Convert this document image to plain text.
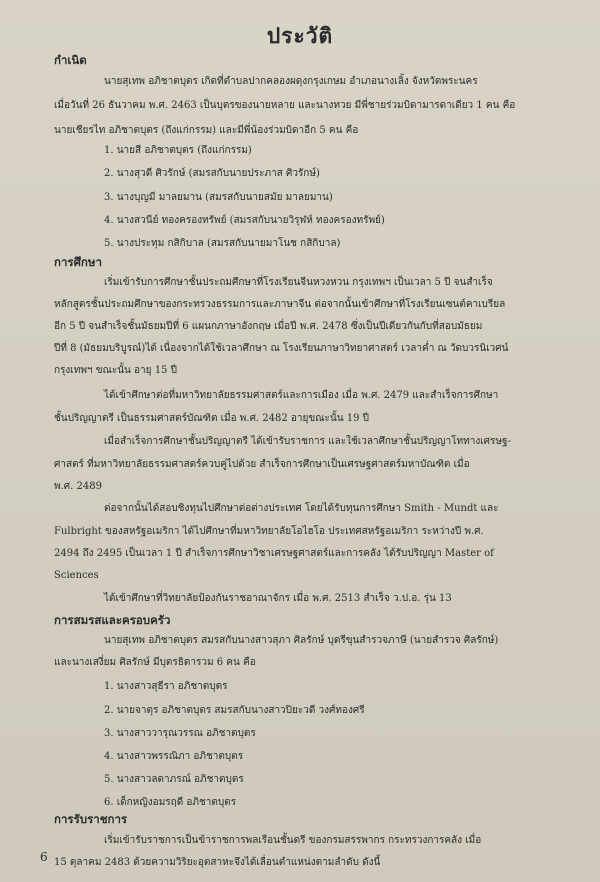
ประวัติ
กำเนิด
นายสุเทพ อภิชาตบุตร เกิดที่ตำบลปากคลองผดุงกรุงเกษม อำเภอนางเลิ้ง จังหวัดพระนคร
เมื่อวันที่ 26 ธันวาคม พ.ศ. 2463 เป็นบุตรของนายหลาย และนางทวย มีพี่ชายร่วมบิดามารดาเดียว 1 คน คือ
นายเชียรไท อภิชาตบุตร (ถึงแก่กรรม) และมีพี่น้องร่วมบิดาอีก 5 คน คือ
1. นายสี อภิชาตบุตร (ถึงแก่กรรม)
2. นางสุวดี ศิวรักษ์ (สมรสกับนายประภาส ศิวรักษ์)
3. นางบุญมี มาลยมาน (สมรสกับนายสมัย มาลยมาน)
4. นางสวนีย์ ทองครองทรัพย์ (สมรสกับนายวิรุฬห์ ทองครองทรัพย์)
5. นางประทุม กสิกิบาล (สมรสกับนายมาโนช กสิกิบาล)
การศึกษา
เริ่มเข้ารับการศึกษาชั้นประถมศึกษาที่โรงเรียนจีนหวงหวน กรุงเทพฯ เป็นเวลา 5 ปี จนสำเร็จ
หลักสูตรชั้นประถมศึกษาของกระทรวงธรรมการและภาษาจีน ต่อจากนั้นเข้าศึกษาที่โรงเรียนเซนต์คาเบรียล
อีก 5 ปี จนสำเร็จชั้นมัธยมปีที่ 6 แผนกภาษาอังกฤษ เมื่อปี พ.ศ. 2478 ซึ่งเป็นปีเดียวกันกับที่สอบมัธยม
ปีที่ 8 (มัธยมบริบูรณ์)ได้ เนื่องจากได้ใช้เวลาศึกษา ณ โรงเรียนภาษาวิทยาศาสตร์ เวลาค่ำ ณ วัดบวรนิเวศน์
กรุงเทพฯ ขณะนั้น อายุ 15 ปี
ได้เข้าศึกษาต่อที่มหาวิทยาลัยธรรมศาสตร์และการเมือง เมื่อ พ.ศ. 2479 และสำเร็จการศึกษา
ชั้นปริญญาตรี เป็นธรรมศาสตร์บัณฑิต เมื่อ พ.ศ. 2482 อายุขณะนั้น 19 ปี
เมื่อสำเร็จการศึกษาชั้นปริญญาตรี ได้เข้ารับราชการ และใช้เวลาศึกษาชั้นปริญญาโททางเศรษฐ-
ศาสตร์ ที่มหาวิทยาลัยธรรมศาสตร์ควบคู่ไปด้วย สำเร็จการศึกษาเป็นเศรษฐศาสตร์มหาบัณฑิต เมื่อ
พ.ศ. 2489
ต่อจากนั้นได้สอบชิงทุนไปศึกษาต่อต่างประเทศ โดยได้รับทุนการศึกษา Smith - Mundt และ
Fulbright ของสหรัฐอเมริกา ได้ไปศึกษาที่มหาวิทยาลัยโอไฮโอ ประเทศสหรัฐอเมริกา ระหว่างปี พ.ศ.
2494 ถึง 2495 เป็นเวลา 1 ปี สำเร็จการศึกษาวิชาเศรษฐศาสตร์และการคลัง ได้รับปริญญา Master of
Sciences
ได้เข้าศึกษาที่วิทยาลัยป้องกันราชอาณาจักร เมื่อ พ.ศ. 2513 สำเร็จ ว.ป.อ. รุ่น 13
การสมรสและครอบครัว
นายสุเทพ อภิชาตบุตร สมรสกับนางสาวสุภา ศิลรักษ์ บุตรีขุนสำรวจภาษี (นายสำรวจ ศิลรักษ์)
และนางเสงี่ยม ศิลรักษ์ มีบุตรธิดารวม 6 คน คือ
1. นางสาวสุธีรา อภิชาตบุตร
2. นายจาตุร อภิชาตบุตร สมรสกับนางสาวปิยะวดี วงศ์ทองศรี
3. นางสาววารุณวรรณ อภิชาตบุตร
4. นางสาวพรรณิภา อภิชาตบุตร
5. นางสาวลดาภรณ์ อภิชาตบุตร
6. เด็กหญิงอมรฤดี อภิชาตบุตร
การรับราชการ
เริ่มเข้ารับราชการเป็นข้าราชการพลเรือนชั้นตรี ของกรมสรรพากร กระทรวงการคลัง เมื่อ
15 ตุลาคม 2483 ด้วยความวิริยะอุตสาหะจึงได้เลื่อนตำแหน่งตามลำดับ ดังนี้
6
